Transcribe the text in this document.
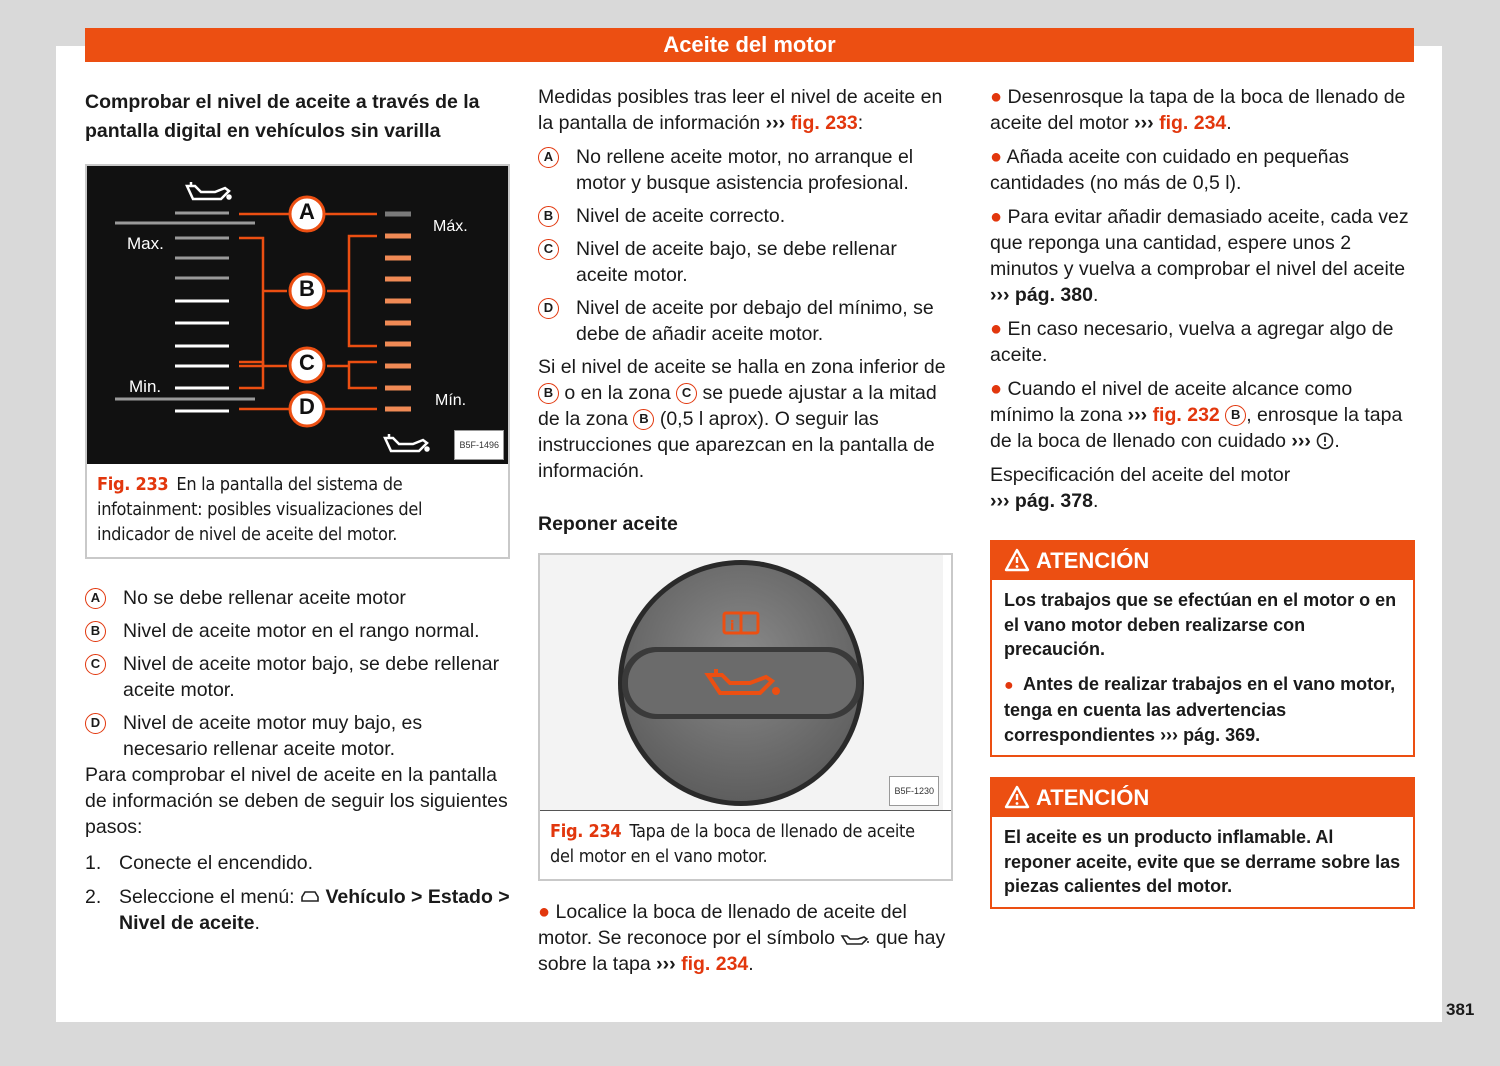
Aceite del motor
Comprobar el nivel de aceite a través de la pantalla digital en vehículos sin varilla
A
B
C
D
Max.
Min.
Máx.
Mín.
B5F-1496
Fig. 233 En la pantalla del sistema de infotainment: posibles visualizaciones del indicador de nivel de aceite del motor.
A No se debe rellenar aceite motor
B Nivel de aceite motor en el rango normal.
C Nivel de aceite motor bajo, se debe rellenar aceite motor.
D Nivel de aceite motor muy bajo, es necesario rellenar aceite motor.

Para comprobar el nivel de aceite en la pantalla de información se deben de seguir los siguientes pasos:

1. Conecte el encendido.
2. Seleccione el menú: Vehículo > Estado > Nivel de aceite.

Medidas posibles tras leer el nivel de aceite en la pantalla de información ››› fig. 233:

A No rellene aceite motor, no arranque el motor y busque asistencia profesional.
B Nivel de aceite correcto.
C Nivel de aceite bajo, se debe rellenar aceite motor.
D Nivel de aceite por debajo del mínimo, se debe de añadir aceite motor.

Si el nivel de aceite se halla en zona inferior de B o en la zona C se puede ajustar a la mitad de la zona B (0,5 l aprox). O seguir las instrucciones que aparezcan en la pantalla de información.

Reponer aceite
i
B5F-1230
Fig. 234 Tapa de la boca de llenado de aceite del motor en el vano motor.

● Localice la boca de llenado de aceite del motor. Se reconoce por el símbolo que hay sobre la tapa ››› fig. 234.

● Desenrosque la tapa de la boca de llenado de aceite del motor ››› fig. 234.

● Añada aceite con cuidado en pequeñas cantidades (no más de 0,5 l).

● Para evitar añadir demasiado aceite, cada vez que reponga una cantidad, espere unos 2 minutos y vuelva a comprobar el nivel del aceite ››› pág. 380.

● En caso necesario, vuelva a agregar algo de aceite.

● Cuando el nivel de aceite alcance como mínimo la zona ››› fig. 232 B , enrosque la tapa de la boca de llenado con cuidado ››› .

Especificación del aceite del motor
››› pág. 378.

ATENCIÓN

Los trabajos que se efectúan en el motor o en el vano motor deben realizarse con precaución.

● Antes de realizar trabajos en el vano motor, tenga en cuenta las advertencias correspondientes ››› pág. 369.

ATENCIÓN

El aceite es un producto inflamable. Al reponer aceite, evite que se derrame sobre las piezas calientes del motor.

381
